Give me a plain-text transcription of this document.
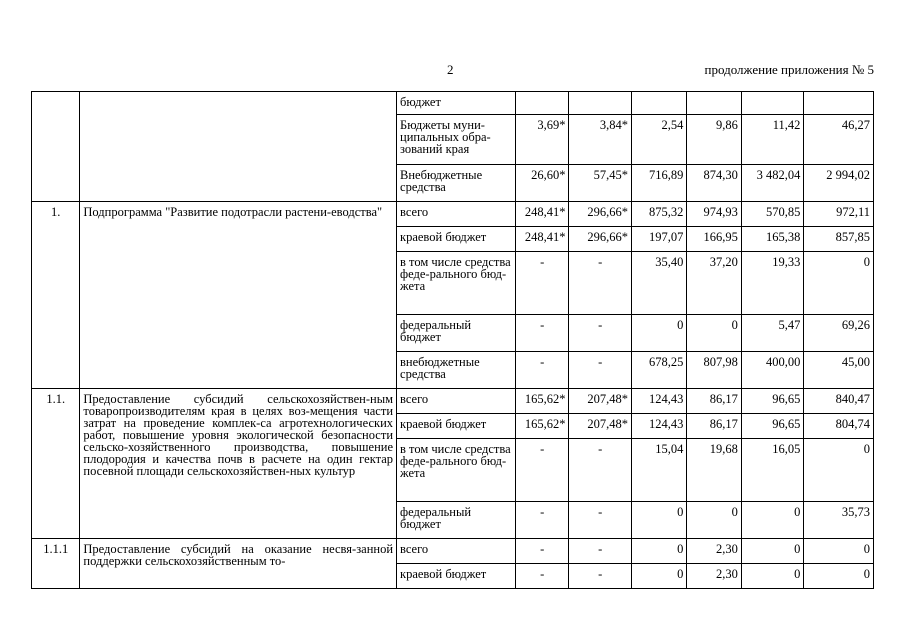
2	продолжение приложения № 5
		бюджет						
		Бюджеты муни-ципальных обра-зований края	3,69*	3,84*	2,54	9,86	11,42	46,27
		Внебюджетные средства	26,60*	57,45*	716,89	874,30	3 482,04	2 994,02
1.	Подпрограмма "Развитие подотрасли растени-еводства"	всего	248,41*	296,66*	875,32	974,93	570,85	972,11
		краевой бюджет	248,41*	296,66*	197,07	166,95	165,38	857,85
		в том числе средства феде-рального бюд-жета	-	-	35,40	37,20	19,33	0
		федеральный бюджет	-	-	0	0	5,47	69,26
		внебюджетные средства	-	-	678,25	807,98	400,00	45,00
1.1.	Предоставление субсидий сельскохозяйствен-ным товаропроизводителям края в целях воз-мещения части затрат на проведение комплек-са агротехнологических работ, повышение уровня экологической безопасности сельско-хозяйственного производства, повышение плодородия и качества почв в расчете на один гектар посевной площади сельскохозяйствен-ных культур	всего	165,62*	207,48*	124,43	86,17	96,65	840,47
		краевой бюджет	165,62*	207,48*	124,43	86,17	96,65	804,74
		в том числе средства феде-рального бюд-жета	-	-	15,04	19,68	16,05	0
		федеральный бюджет	-	-	0	0	0	35,73
1.1.1	Предоставление субсидий на оказание несвя-занной поддержки сельскохозяйственным то-	всего	-	-	0	2,30	0	0
		краевой бюджет	-	-	0	2,30	0	0
